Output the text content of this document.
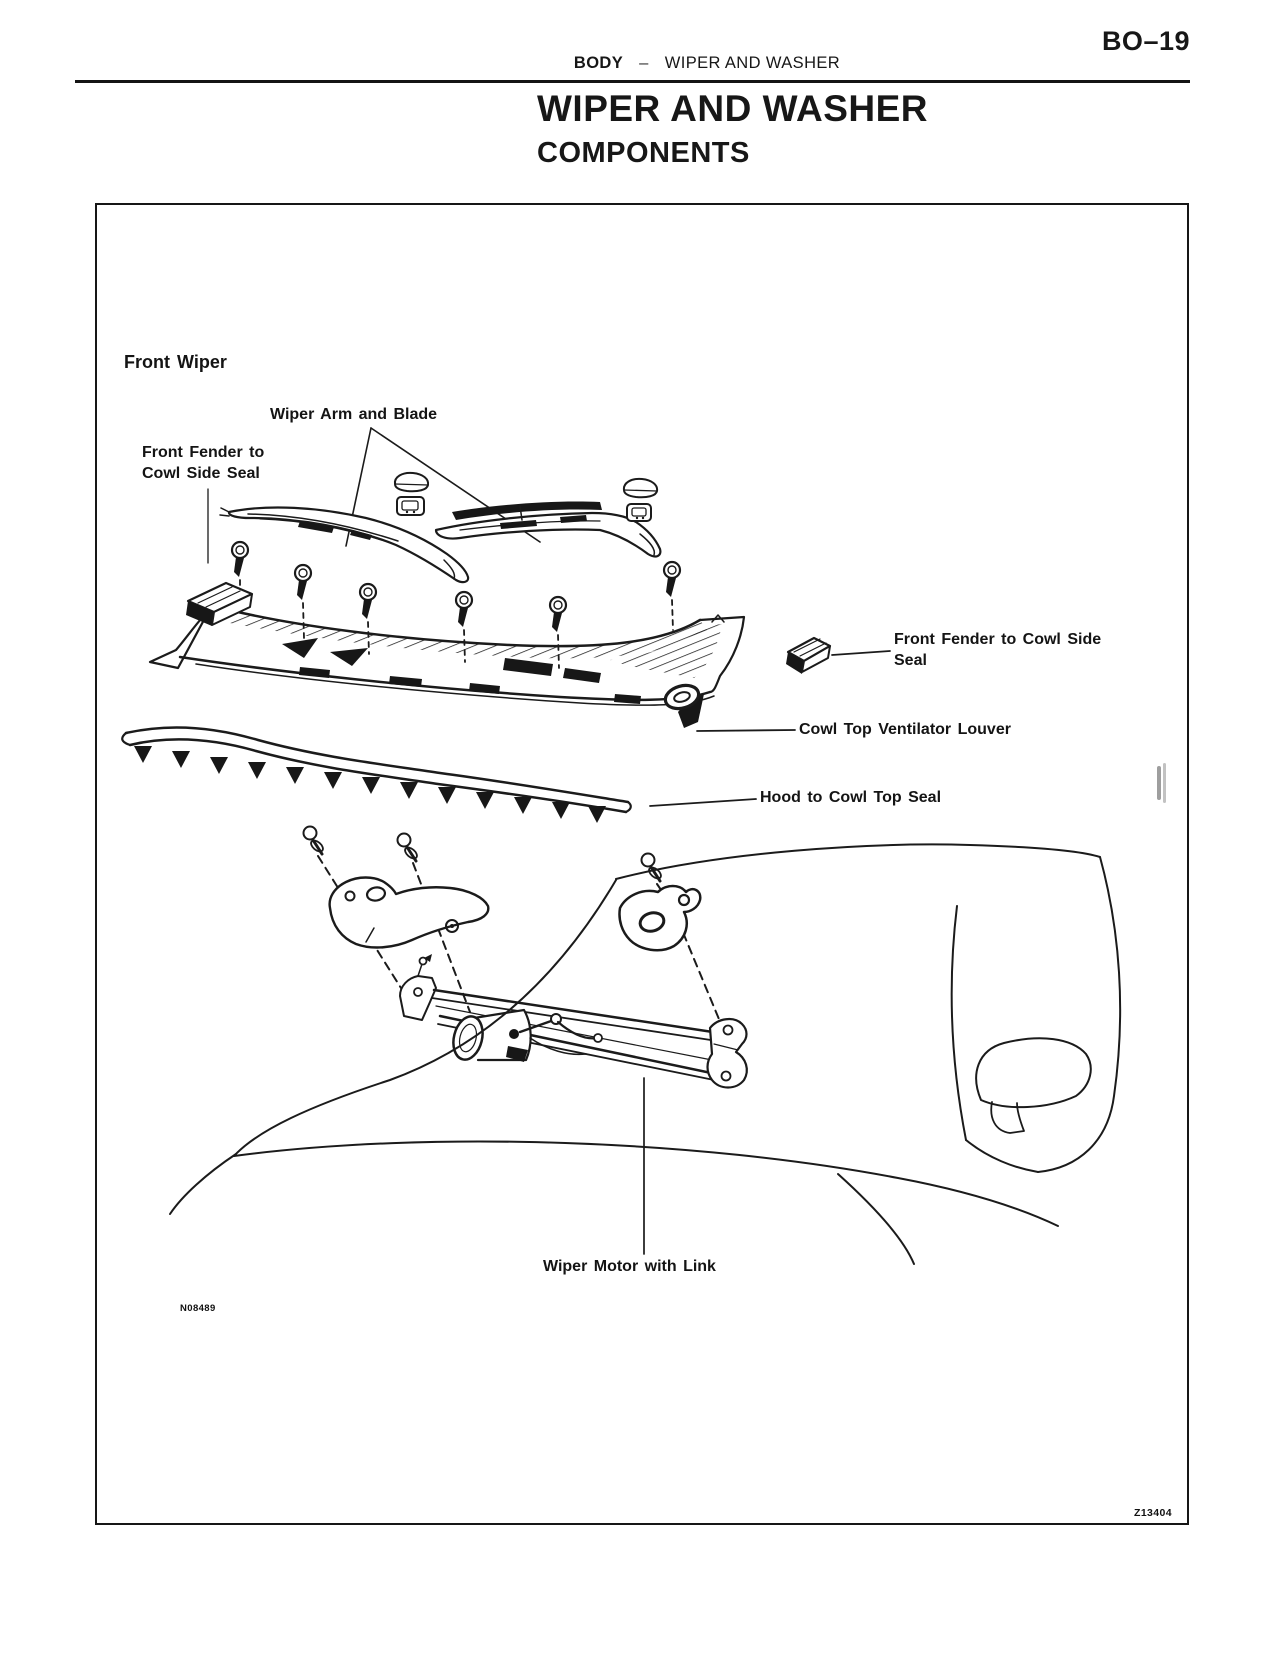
BO–19
BODY – WIPER AND WASHER
WIPER AND WASHER
COMPONENTS
Front Wiper
Wiper Arm and Blade
Front Fender to
Cowl Side Seal
Front Fender to Cowl Side
Seal
Cowl Top Ventilator Louver
Hood to Cowl Top Seal
Wiper Motor with Link
N08489
Z13404
